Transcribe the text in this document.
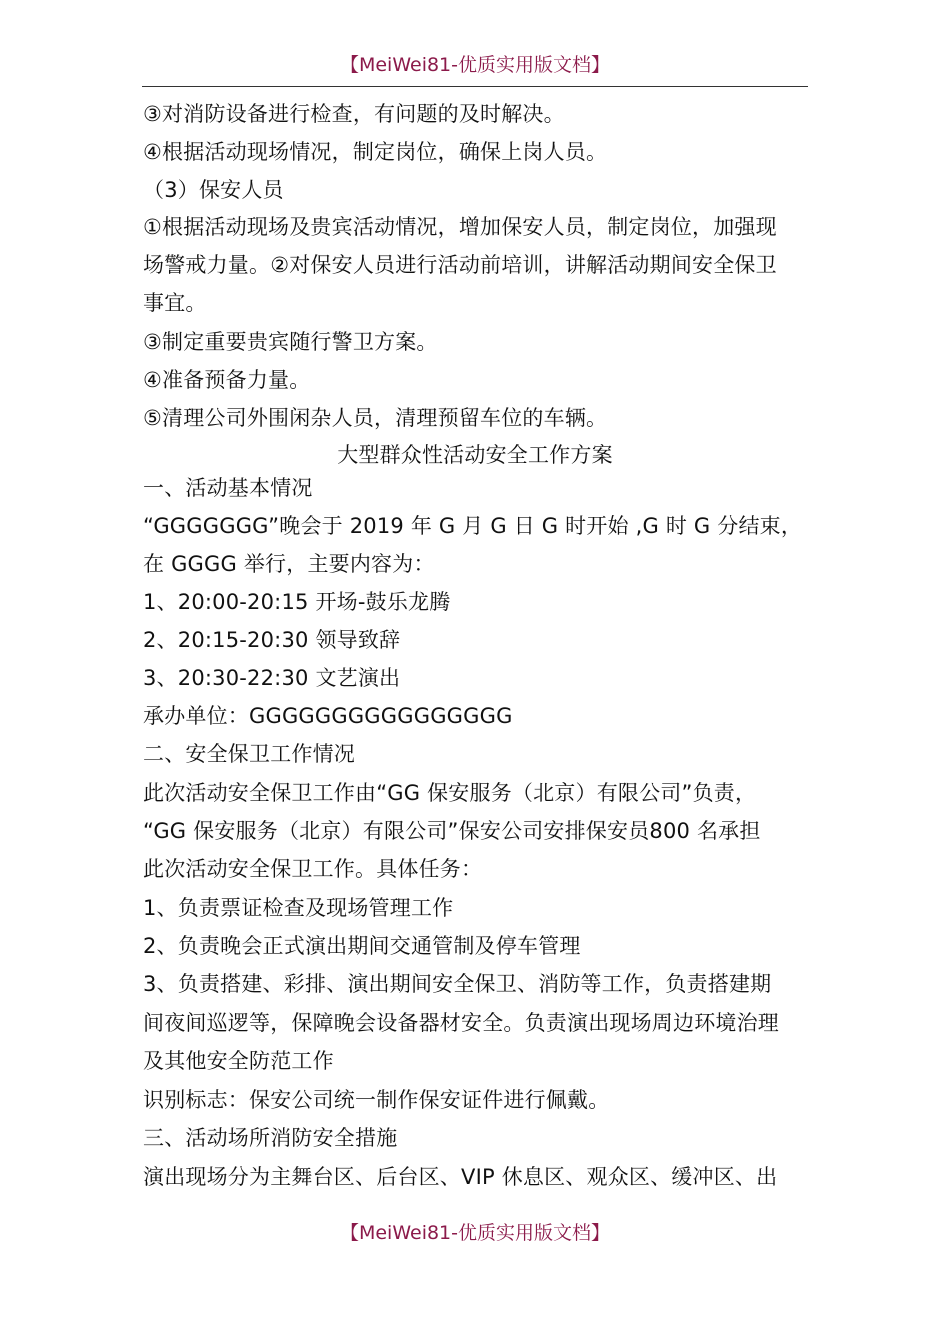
【MeiWei81-优质实用版文档】
③对消防设备进行检查，有问题的及时解决。
④根据活动现场情况，制定岗位，确保上岗人员。
（3）保安人员
①根据活动现场及贵宾活动情况，增加保安人员，制定岗位，加强现
场警戒力量。②对保安人员进行活动前培训，讲解活动期间安全保卫
事宜。
③制定重要贵宾随行警卫方案。
④准备预备力量。
⑤清理公司外围闲杂人员，清理预留车位的车辆。
大型群众性活动安全工作方案
一、活动基本情况
“GGGGGGG”晚会于 2019 年 G 月 G 日 G 时开始 ,G 时 G 分结束，
在 GGGG 举行，主要内容为：
1、20:00-20:15 开场-鼓乐龙腾
2、20:15-20:30 领导致辞
3、20:30-22:30 文艺演出
承办单位：GGGGGGGGGGGGGGGG
二、安全保卫工作情况
此次活动安全保卫工作由“GG 保安服务（北京）有限公司”负责，
“GG 保安服务（北京）有限公司”保安公司安排保安员800 名承担
此次活动安全保卫工作。具体任务：
1、负责票证检查及现场管理工作
2、负责晚会正式演出期间交通管制及停车管理
3、负责搭建、彩排、演出期间安全保卫、消防等工作，负责搭建期
间夜间巡逻等，保障晚会设备器材安全。负责演出现场周边环境治理
及其他安全防范工作
识别标志：保安公司统一制作保安证件进行佩戴。
三、活动场所消防安全措施
演出现场分为主舞台区、后台区、VIP 休息区、观众区、缓冲区、出
【MeiWei81-优质实用版文档】
